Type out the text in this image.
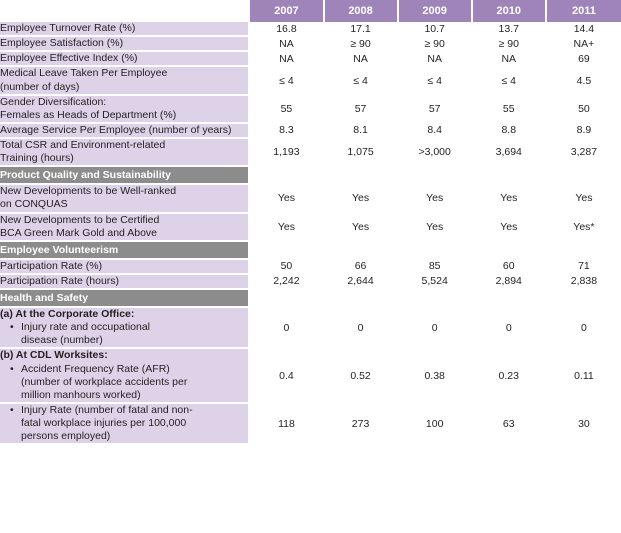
	2007	2008	2009	2010	2011

Employee Turnover Rate (%)	16.8	17.1	10.7	13.7	14.4

Employee Satisfaction (%)	NA	≥ 90	≥ 90	≥ 90	NA+

Employee Effective Index (%)	NA	NA	NA	NA	69

Medical Leave Taken Per Employee
(number of days)	≤ 4	≤ 4	≤ 4	≤ 4	4.5

Gender Diversification:
Females as Heads of Department (%)	55	57	57	55	50

Average Service Per Employee (number of years)	8.3	8.1	8.4	8.8	8.9

Total CSR and Environment-related
Training (hours)	1,193	1,075	>3,000	3,694	3,287
Product Quality and Sustainability					

New Developments to be Well-ranked
on CONQUAS	Yes	Yes	Yes	Yes	Yes

New Developments to be Certified
BCA Green Mark Gold and Above	Yes	Yes	Yes	Yes	Yes*
Employee Volunteerism					

Participation Rate (%)	50	66	85	60	71

Participation Rate (hours)	2,242	2,644	5,524	2,894	2,838
Health and Safety					

(a) At the Corporate Office:
• Injury rate and occupational
disease (number)	0	0	0	0	0

(b) At CDL Worksites:
• Accident Frequency Rate (AFR)
(number of workplace accidents per
million manhours worked)	0.4	0.52	0.38	0.23	0.11

• Injury Rate (number of fatal and non-
fatal workplace injuries per 100,000
persons employed)	118	273	100	63	30
